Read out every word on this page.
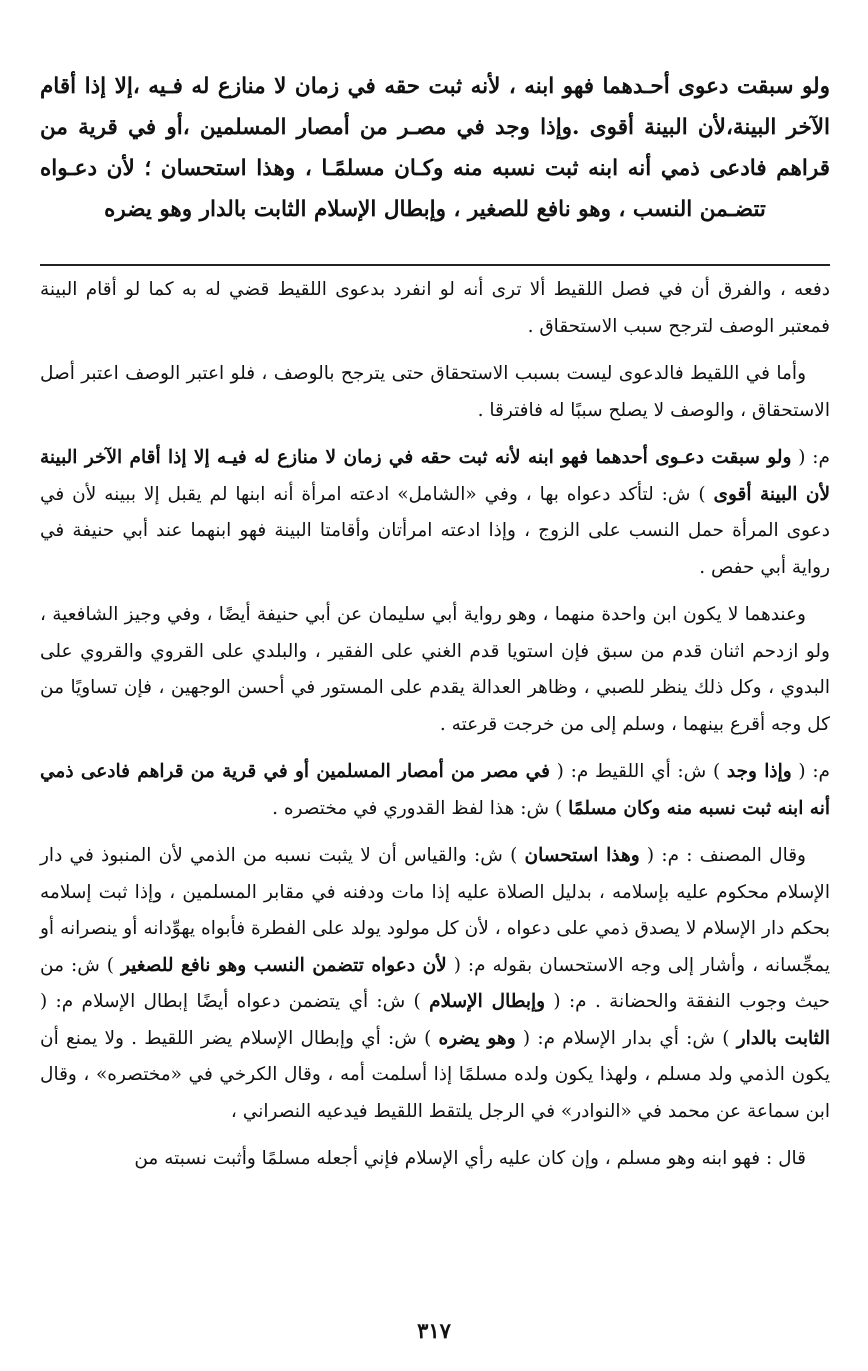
ولو سبقت دعوى أحـدهما فهو ابنه ، لأنه ثبت حقه في زمان لا منازع له فـيه ،إلا إذا أقام الآخر البينة،لأن البينة أقوى .وإذا وجد في مصـر من أمصار المسلمين ،أو في قرية من قراهم فادعى ذمي أنه ابنه ثبت نسبه منه وكـان مسلمًـا ، وهذا استحسان ؛ لأن دعـواه تتضـمن النسب ، وهو نافع للصغير ، وإبطال الإسلام الثابت بالدار وهو يضره

دفعه ، والفرق أن في فصل اللقيط ألا ترى أنه لو انفرد بدعوى اللقيط قضي له به كما لو أقام البينة فمعتبر الوصف لترجح سبب الاستحقاق .

وأما في اللقيط فالدعوى ليست بسبب الاستحقاق حتى يترجح بالوصف ، فلو اعتبر الوصف اعتبر أصل الاستحقاق ، والوصف لا يصلح سببًا له فافترقا .

م: ( ولو سبقت دعـوى أحدهما فهو ابنه لأنه ثبت حقه في زمان لا منازع له فيـه إلا إذا أقام الآخر البينة لأن البينة أقوى ) ش: لتأكد دعواه بها ، وفي «الشامل» ادعته امرأة أنه ابنها لم يقبل إلا ببينه لأن في دعوى المرأة حمل النسب على الزوج ، وإذا ادعته امرأتان وأقامتا البينة فهو ابنهما عند أبي حنيفة في رواية أبي حفص .

وعندهما لا يكون ابن واحدة منهما ، وهو رواية أبي سليمان عن أبي حنيفة أيضًا ، وفي وجيز الشافعية ، ولو ازدحم اثنان قدم من سبق فإن استويا قدم الغني على الفقير ، والبلدي على القروي والقروي على البدوي ، وكل ذلك ينظر للصبي ، وظاهر العدالة يقدم على المستور في أحسن الوجهين ، فإن تساويًا من كل وجه أقرع بينهما ، وسلم إلى من خرجت قرعته .

م: ( وإذا وجد ) ش: أي اللقيط م: ( في مصر من أمصار المسلمين أو في قرية من قراهم فادعى ذمي أنه ابنه ثبت نسبه منه وكان مسلمًا ) ش: هذا لفظ القدوري في مختصره .

وقال المصنف : م: ( وهذا استحسان ) ش: والقياس أن لا يثبت نسبه من الذمي لأن المنبوذ في دار الإسلام محكوم عليه بإسلامه ، بدليل الصلاة عليه إذا مات ودفنه في مقابر المسلمين ، وإذا ثبت إسلامه بحكم دار الإسلام لا يصدق ذمي على دعواه ، لأن كل مولود يولد على الفطرة فأبواه يهوِّدانه أو ينصرانه أو يمجِّسانه ، وأشار إلى وجه الاستحسان بقوله م: ( لأن دعواه تتضمن النسب وهو نافع للصغير ) ش: من حيث وجوب النفقة والحضانة . م: ( وإبطال الإسلام ) ش: أي يتضمن دعواه أيضًا إبطال الإسلام م: ( الثابت بالدار ) ش: أي بدار الإسلام م: ( وهو يضره ) ش: أي وإبطال الإسلام يضر اللقيط . ولا يمنع أن يكون الذمي ولد مسلم ، ولهذا يكون ولده مسلمًا إذا أسلمت أمه ، وقال الكرخي في «مختصره» ، وقال ابن سماعة عن محمد في «النوادر» في الرجل يلتقط اللقيط فيدعيه النصراني ،

قال : فهو ابنه وهو مسلم ، وإن كان عليه رأي الإسلام فإني أجعله مسلمًا وأثبت نسبته من

٣١٧
